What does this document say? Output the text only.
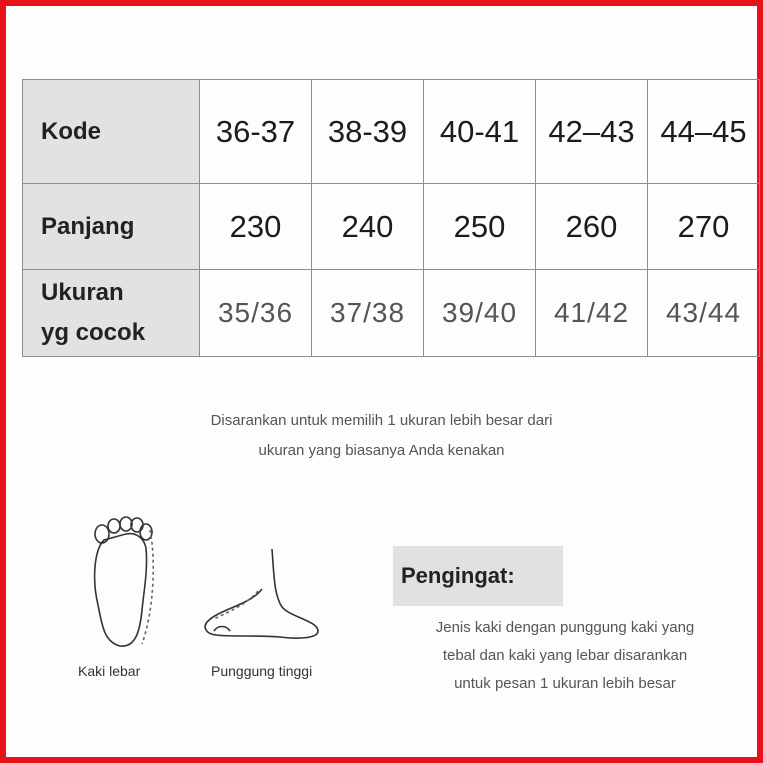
Kode	36-37	38-39	40-41	42–43	44–45
Panjang	230	240	250	260	270

Ukuran
yg cocok	35/36	37/38	39/40	41/42	43/44
Disarankan untuk memilih 1 ukuran lebih besar dari
ukuran yang biasanya Anda kenakan
Kaki lebar	Punggung tinggi
Pengingat:
Jenis kaki dengan punggung kaki yang
tebal dan kaki yang lebar disarankan
untuk pesan 1 ukuran lebih besar
